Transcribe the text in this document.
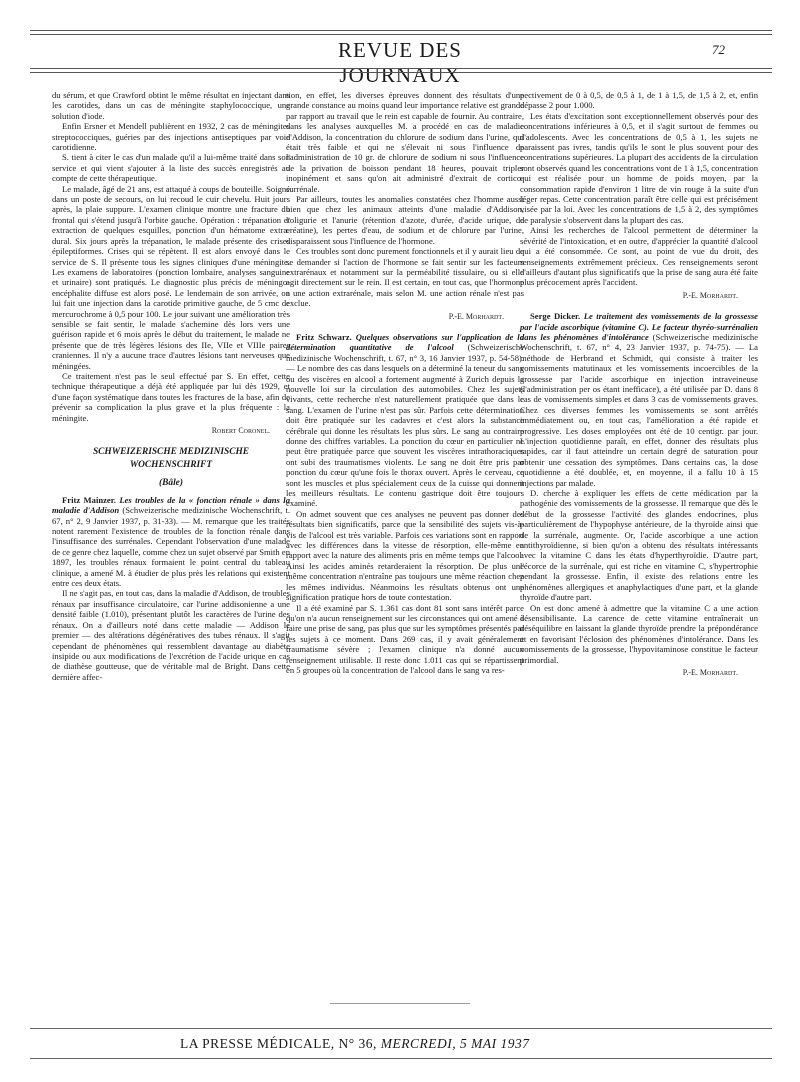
REVUE DES JOURNAUX
72

du sérum, et que Crawford obtint le même résultat en injectant dans les carotides, dans un cas de méningite staphylococcique, une solution d'iode.

Enfin Ersner et Mendell publièrent en 1932, 2 cas de méningites streptococciques, guéries par des injections antiseptiques par voie carotidienne.

S. tient à citer le cas d'un malade qu'il a lui-même traité dans son service et qui vient s'ajouter à la liste des succès enregistrés au compte de cette thérapeutique.

Le malade, âgé de 21 ans, est attaqué à coups de bouteille. Soigné dans un poste de secours, on lui recoud le cuir chevelu. Huit jours après, la plaie suppure. L'examen clinique montre une fracture du frontal qui s'étend jusqu'à l'orbite gauche. Opération : trépanation et extraction de quelques esquilles, ponction d'un hématome extra-dural. Six jours après la trépanation, le malade présente des crises épileptiformes. Crises qui se répètent. Il est alors envoyé dans le service de S. Il présente tous les signes cliniques d'une méningite. Les examens de laboratoires (ponction lombaire, analyses sanguine et urinaire) sont pratiqués. Le diagnostic plus précis de méningo-encéphalite diffuse est alors posé. Le lendemain de son arrivée, on lui fait une injection dans la carotide primitive gauche, de 5 cmc de mercurochrome à 0,5 pour 100. Le jour suivant une amélioration très sensible se fait sentir, le malade s'achemine dès lors vers une guérison rapide et 6 mois après le début du traitement, le malade ne présente que de très légères lésions des IIe, VIIe et VIIIe paires craniennes. Il n'y a aucune trace d'autres lésions tant nerveuses que méningées.

Ce traitement n'est pas le seul effectué par S. En effet, cette technique thérapeutique a déjà été appliquée par lui dès 1929, et d'une façon systématique dans toutes les fractures de la base, afin de prévenir sa complication la plus grave et la plus fréquente : la méningite.

Robert Coronel.
SCHWEIZERISCHE MEDIZINISCHE WOCHENSCHRIFT
(Bâle)

Fritz Mainzer. Les troubles de la « fonction rénale » dans la maladie d'Addison (Schweizerische medizinische Wochenschrift, t. 67, n° 2, 9 Janvier 1937, p. 31-33). — M. remarque que les traités notent rarement l'existence de troubles de la fonction rénale dans l'insuffisance des surrénales. Cependant l'observation d'une malade de ce genre chez laquelle, comme chez un sujet observé par Smith en 1897, les troubles rénaux formaient le point central du tableau clinique, a amené M. à étudier de plus près les relations qui existent entre ces deux états.

Il ne s'agit pas, en tout cas, dans la maladie d'Addison, de troubles rénaux par insuffisance circulatoire, car l'urine addisonienne a une densité faible (1.010), présentant plutôt les caractères de l'urine des rénaux. On a d'ailleurs noté dans cette maladie — Addison le premier — des altérations dégénératives des tubes rénaux. Il s'agit cependant de phénomènes qui ressemblent davantage au diabète insipide ou aux modifications de l'excrétion de l'acide urique en cas de diathèse goutteuse, que de véritable mal de Bright. Dans cette dernière affec-

tion, en effet, les diverses épreuves donnent des résultats d'une grande constance au moins quand leur importance relative est grande par rapport au travail que le rein est capable de fournir. Au contraire, dans les analyses auxquelles M. a procédé en cas de maladie d'Addison, la concentration du chlorure de sodium dans l'urine, qui était très faible et qui ne s'élevait ni sous l'influence de l'administration de 10 gr. de chlorure de sodium ni sous l'influence de la privation de boisson pendant 18 heures, pouvait tripler inopinément et sans qu'on ait administré d'extrait de cortico-surrénale.

Par ailleurs, toutes les anomalies constatées chez l'homme aussi bien que chez les animaux atteints d'une maladie d'Addison, l'oligurie et l'anurie (rétention d'azote, d'urée, d'acide urique, de créatine), les pertes d'eau, de sodium et de chlorure par l'urine, disparaissent sous l'influence de l'hormone.

Ces troubles sont donc purement fonctionnels et il y aurait lieu de se demander si l'action de l'hormone se fait sentir sur les facteurs extrarénaux et notamment sur la perméabilité tissulaire, ou si elle agit directement sur le rein. Il est certain, en tout cas, que l'hormone a une action extrarénale, mais selon M. une action rénale n'est pas exclue.

P.-E. Morhardt.

Fritz Schwarz. Quelques observations sur l'application de la détermination quantitative de l'alcool (Schweizerische medizinische Wochenschrift, t. 67, n° 3, 16 Janvier 1937, p. 54-58). — Le nombre des cas dans lesquels on a déterminé la teneur du sang ou des viscères en alcool a fortement augmenté à Zurich depuis la nouvelle loi sur la circulation des automobiles. Chez les sujets vivants, cette recherche n'est naturellement pratiquée que dans le sang. L'examen de l'urine n'est pas sûr. Parfois cette détermination doit être pratiquée sur les cadavres et c'est alors la substance cérébrale qui donne les résultats les plus sûrs. Le sang au contraire donne des chiffres variables. La ponction du cœur en particulier ne peut être pratiquée parce que souvent les viscères intrathoraciques ont subi des traumatismes violents. Le sang ne doit être pris par ponction du cœur qu'une fois le thorax ouvert. Après le cerveau, ce sont les muscles et plus spécialement ceux de la cuisse qui donnent les meilleurs résultats. Le contenu gastrique doit être toujours examiné.

On admet souvent que ces analyses ne peuvent pas donner des résultats bien significatifs, parce que la sensibilité des sujets vis-à-vis de l'alcool est très variable. Parfois ces variations sont en rapport avec les différences dans la vitesse de résorption, elle-même en rapport avec la nature des aliments pris en même temps que l'alcool. Ainsi les acides aminés retarderaient la résorption. De plus une même concentration n'entraîne pas toujours une même réaction chez les mêmes individus. Néanmoins les résultats obtenus ont une signification pratique hors de toute contestation.

Il a été examiné par S. 1.361 cas dont 81 sont sans intérêt parce qu'on n'a aucun renseignement sur les circonstances qui ont amené à faire une prise de sang, pas plus que sur les symptômes présentés par les sujets à ce moment. Dans 269 cas, il y avait généralement traumatisme sévère ; l'examen clinique n'a donné aucun renseignement utilisable. Il reste donc 1.011 cas qui se répartissent en 5 groupes où la concentration de l'alcool dans le sang va res-

pectivement de 0 à 0,5, de 0,5 à 1, de 1 à 1,5, de 1,5 à 2, et, enfin dépasse 2 pour 1.000.

Les états d'excitation sont exceptionnellement observés pour des concentrations inférieures à 0,5, et il s'agit surtout de femmes ou d'adolescents. Avec les concentrations de 0,5 à 1, les sujets ne paraissent pas ivres, tandis qu'ils le sont le plus souvent pour des concentrations supérieures. La plupart des accidents de la circulation sont observés quand les concentrations vont de 1 à 1,5, concentration qui est réalisée pour un homme de poids moyen, par la consommation rapide d'environ 1 litre de vin rouge à la suite d'un léger repas. Cette concentration paraît être celle qui est précisément visée par la loi. Avec les concentrations de 1,5 à 2, des symptômes de paralysie s'observent dans la plupart des cas.

Ainsi les recherches de l'alcool permettent de déterminer la sévérité de l'intoxication, et en outre, d'apprécier la quantité d'alcool qui a été consommée. Ce sont, au point de vue du droit, des renseignements extrêmement précieux. Ces renseignements seront d'ailleurs d'autant plus significatifs que la prise de sang aura été faite plus précocement après l'accident.

P.-E. Morhardt.

Serge Dicker. Le traitement des vomissements de la grossesse par l'acide ascorbique (vitamine C). Le facteur thyréo-surrénalien dans les phénomènes d'intolérance (Schweizerische medizinische Wochenschrift, t. 67, n° 4, 23 Janvier 1937, p. 74-75). — La méthode de Herbrand et Schmidt, qui consiste à traiter les vomissements matutinaux et les vomissements incoercibles de la grossesse par l'acide ascorbique en injection intraveineuse (l'administration per os étant inefficace), a été utilisée par D. dans 8 cas de vomissements simples et dans 3 cas de vomissements graves. Chez ces diverses femmes les vomissements se sont arrêtés immédiatement ou, en tout cas, l'amélioration a été rapide et progressive. Les doses employées ont été de 10 centigr. par jour. L'injection quotidienne paraît, en effet, donner des résultats plus rapides, car il faut atteindre un certain degré de saturation pour obtenir une cessation des symptômes. Dans certains cas, la dose quotidienne a été doublée, et, en moyenne, il a fallu 10 à 15 injections par malade.

D. cherche à expliquer les effets de cette médication par la pathogénie des vomissements de la grossesse. Il remarque que dès le début de la grossesse l'activité des glandes endocrines, plus particulièrement de l'hypophyse antérieure, de la thyroïde ainsi que de la surrénale, augmente. Or, l'acide ascorbique a une action antithyroïdienne, si bien qu'on a obtenu des résultats intéressants avec la vitamine C dans les états d'hyperthyroïdie. D'autre part, l'écorce de la surrénale, qui est riche en vitamine C, s'hypertrophie pendant la grossesse. Enfin, il existe des relations entre les phénomènes allergiques et anaphylactiques d'une part, et la glande thyroïde d'autre part.

On est donc amené à admettre que la vitamine C a une action désensibilisante. La carence de cette vitamine entraînerait un déséquilibre en laissant la glande thyroïde prendre la prépondérance et en favorisant l'éclosion des phénomènes d'intolérance. Dans les vomissements de la grossesse, l'hypovitaminose constitue le facteur primordial.

P.-E. Morhardt.
LA PRESSE MÉDICALE, N° 36, MERCREDI, 5 MAI 1937
